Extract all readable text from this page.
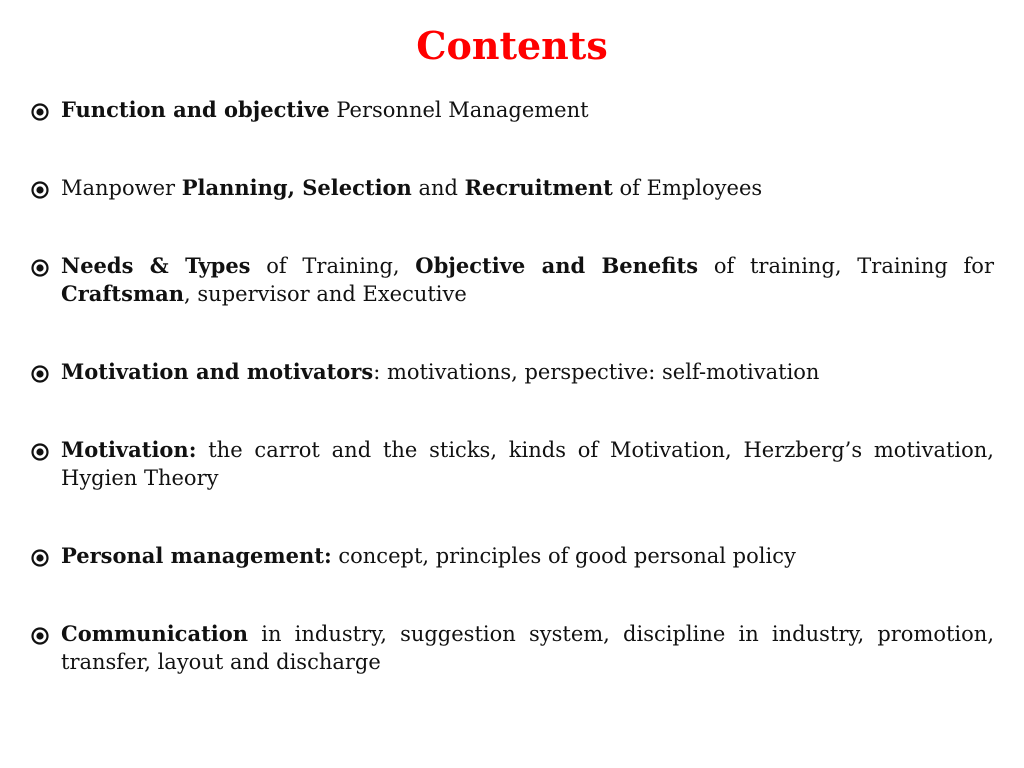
Contents
Function and objective Personnel Management
Manpower Planning, Selection and Recruitment of Employees
Needs & Types of Training, Objective and Benefits of training, Training for Craftsman, supervisor and Executive
Motivation and motivators: motivations, perspective: self-motivation
Motivation: the carrot and the sticks, kinds of Motivation, Herzberg’s motivation, Hygien Theory
Personal management: concept, principles of good personal policy
Communication in industry, suggestion system, discipline in industry, promotion, transfer, layout and discharge
